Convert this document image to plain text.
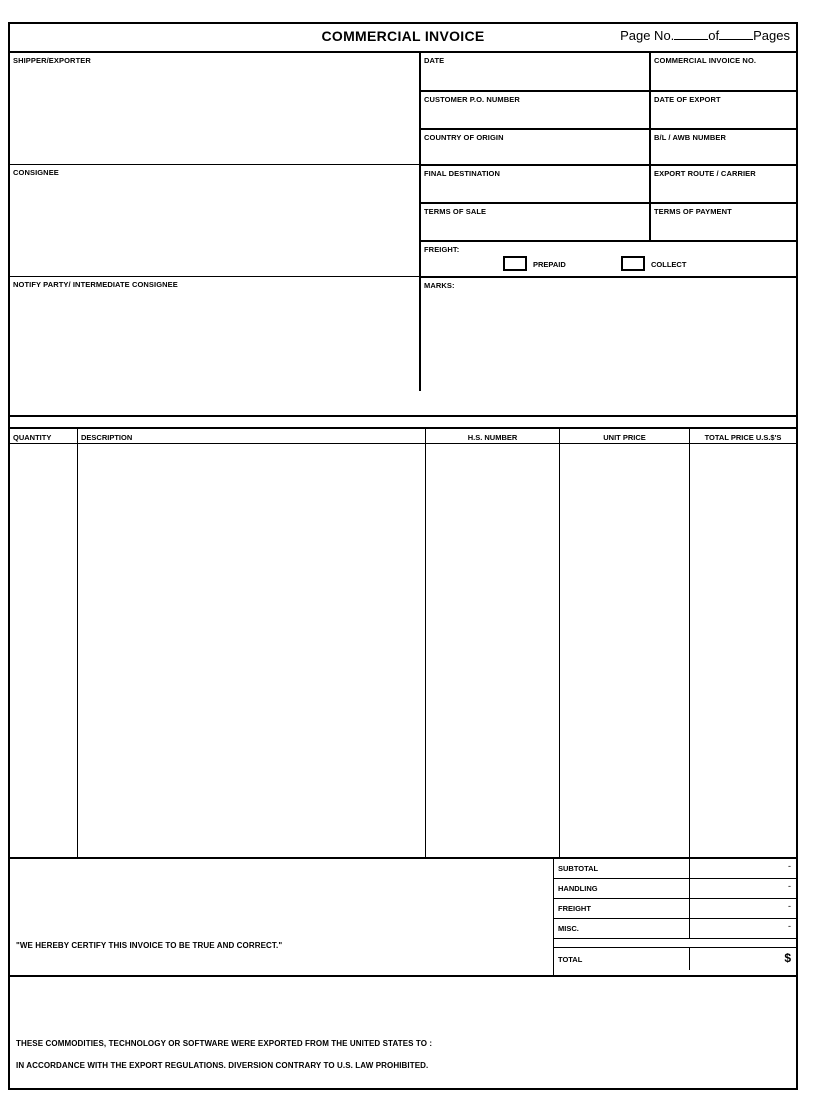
COMMERCIAL INVOICE	Page No.	of	Pages
SHIPPER/EXPORTER
CONSIGNEE
NOTIFY PARTY/ INTERMEDIATE CONSIGNEE
DATE	COMMERCIAL INVOICE NO.
CUSTOMER P.O. NUMBER	DATE OF EXPORT
COUNTRY OF ORIGIN	B/L / AWB NUMBER
FINAL DESTINATION	EXPORT ROUTE / CARRIER
TERMS OF SALE	TERMS OF PAYMENT
FREIGHT:
PREPAID	COLLECT
MARKS:
QUANTITY	DESCRIPTION	H.S. NUMBER	UNIT PRICE	TOTAL PRICE U.S.$'S
"WE HEREBY CERTIFY THIS INVOICE TO BE TRUE AND CORRECT."
SUBTOTAL	-
HANDLING	-
FREIGHT	-
MISC.	-
TOTAL	$
THESE COMMODITIES, TECHNOLOGY OR SOFTWARE WERE EXPORTED FROM THE UNITED STATES TO :
IN ACCORDANCE WITH THE EXPORT REGULATIONS. DIVERSION CONTRARY TO U.S. LAW PROHIBITED.
